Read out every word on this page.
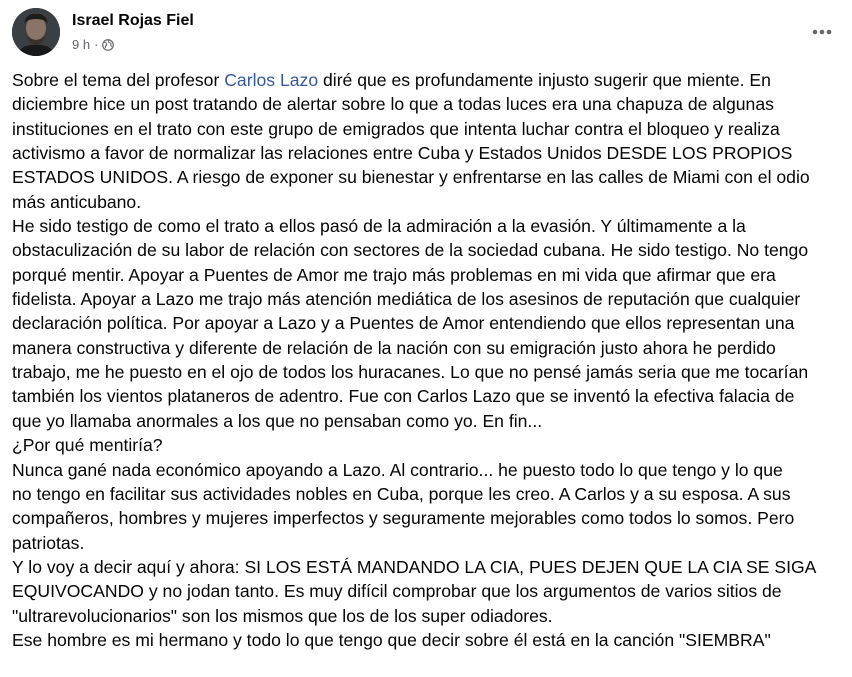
Israel Rojas Fiel
9 h ·
Sobre el tema del profesor Carlos Lazo diré que es profundamente injusto sugerir que miente. En
diciembre hice un post tratando de alertar sobre lo que a todas luces era una chapuza de algunas
instituciones en el trato con este grupo de emigrados que intenta luchar contra el bloqueo y realiza
activismo a favor de normalizar las relaciones entre Cuba y Estados Unidos DESDE LOS PROPIOS
ESTADOS UNIDOS. A riesgo de exponer su bienestar y enfrentarse en las calles de Miami con el odio
más anticubano.
He sido testigo de como el trato a ellos pasó de la admiración a la evasión. Y últimamente a la
obstaculización de su labor de relación con sectores de la sociedad cubana. He sido testigo. No tengo
porqué mentir. Apoyar a Puentes de Amor me trajo más problemas en mi vida que afirmar que era
fidelista. Apoyar a Lazo me trajo más atención mediática de los asesinos de reputación que cualquier
declaración política. Por apoyar a Lazo y a Puentes de Amor entendiendo que ellos representan una
manera constructiva y diferente de relación de la nación con su emigración justo ahora he perdido
trabajo, me he puesto en el ojo de todos los huracanes. Lo que no pensé jamás seria que me tocarían
también los vientos plataneros de adentro. Fue con Carlos Lazo que se inventó la efectiva falacia de
que yo llamaba anormales a los que no pensaban como yo. En fin...
¿Por qué mentiría?
Nunca gané nada económico apoyando a Lazo. Al contrario... he puesto todo lo que tengo y lo que
no tengo en facilitar sus actividades nobles en Cuba, porque les creo. A Carlos y a su esposa. A sus
compañeros, hombres y mujeres imperfectos y seguramente mejorables como todos lo somos. Pero
patriotas.
Y lo voy a decir aquí y ahora: SI LOS ESTÁ MANDANDO LA CIA, PUES DEJEN QUE LA CIA SE SIGA
EQUIVOCANDO y no jodan tanto. Es muy difícil comprobar que los argumentos de varios sitios de
"ultrarevolucionarios" son los mismos que los de los super odiadores.
Ese hombre es mi hermano y todo lo que tengo que decir sobre él está en la canción "SIEMBRA"
